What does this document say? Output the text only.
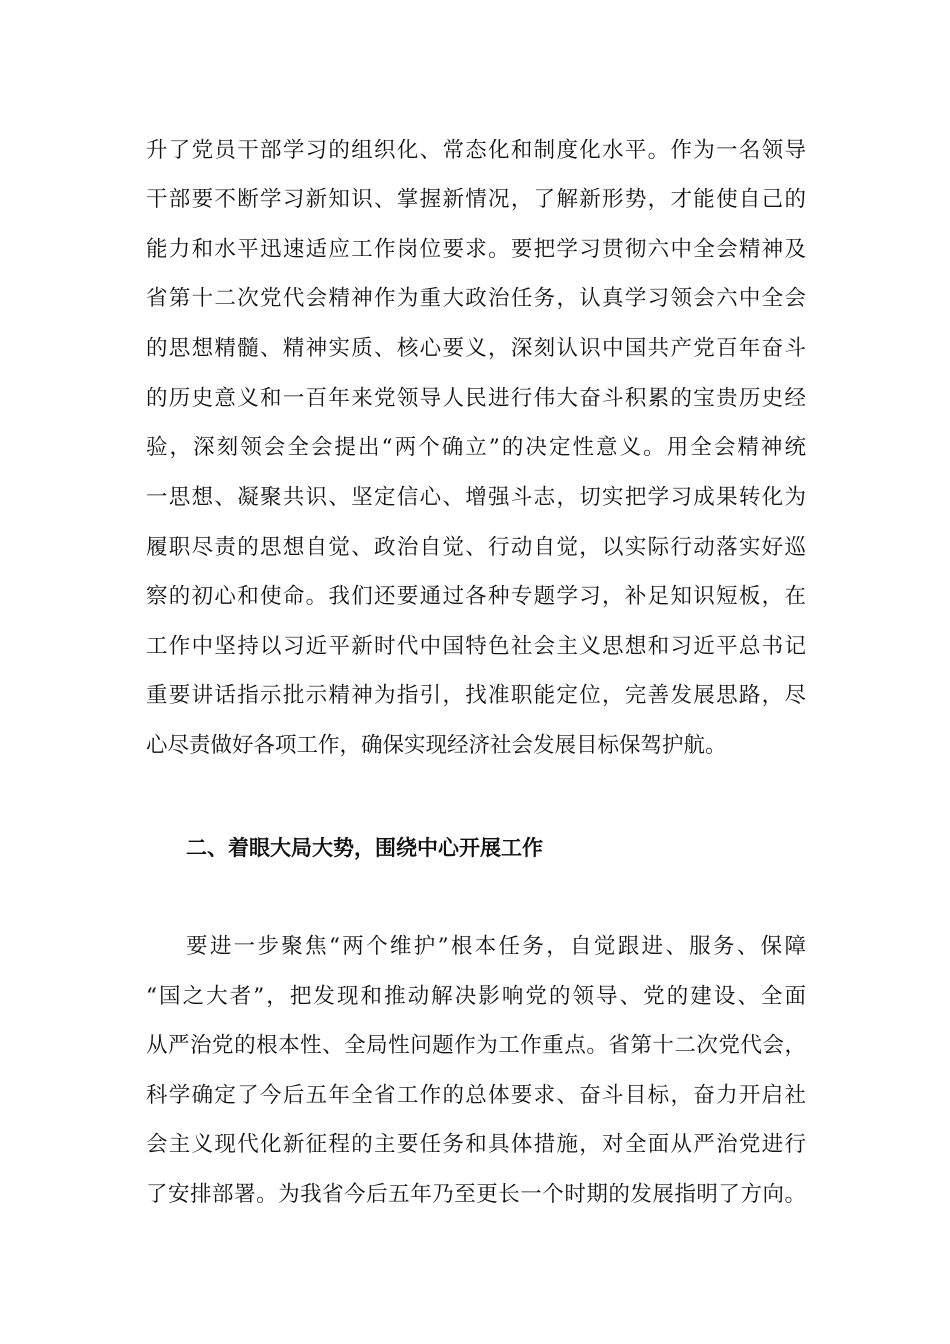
升了党员干部学习的组织化、常态化和制度化水平。作为一名领导
干部要不断学习新知识、掌握新情况，了解新形势，才能使自己的
能力和水平迅速适应工作岗位要求。要把学习贯彻六中全会精神及
省第十二次党代会精神作为重大政治任务，认真学习领会六中全会
的思想精髓、精神实质、核心要义，深刻认识中国共产党百年奋斗
的历史意义和一百年来党领导人民进行伟大奋斗积累的宝贵历史经
验，深刻领会全会提出“两个确立”的决定性意义。用全会精神统
一思想、凝聚共识、坚定信心、增强斗志，切实把学习成果转化为
履职尽责的思想自觉、政治自觉、行动自觉，以实际行动落实好巡
察的初心和使命。我们还要通过各种专题学习，补足知识短板，在
工作中坚持以习近平新时代中国特色社会主义思想和习近平总书记
重要讲话指示批示精神为指引，找准职能定位，完善发展思路，尽
心尽责做好各项工作，确保实现经济社会发展目标保驾护航。
二、着眼大局大势，围绕中心开展工作
要进一步聚焦“两个维护”根本任务，自觉跟进、服务、保障
“国之大者”，把发现和推动解决影响党的领导、党的建设、全面
从严治党的根本性、全局性问题作为工作重点。省第十二次党代会，
科学确定了今后五年全省工作的总体要求、奋斗目标，奋力开启社
会主义现代化新征程的主要任务和具体措施，对全面从严治党进行
了安排部署。为我省今后五年乃至更长一个时期的发展指明了方向。
